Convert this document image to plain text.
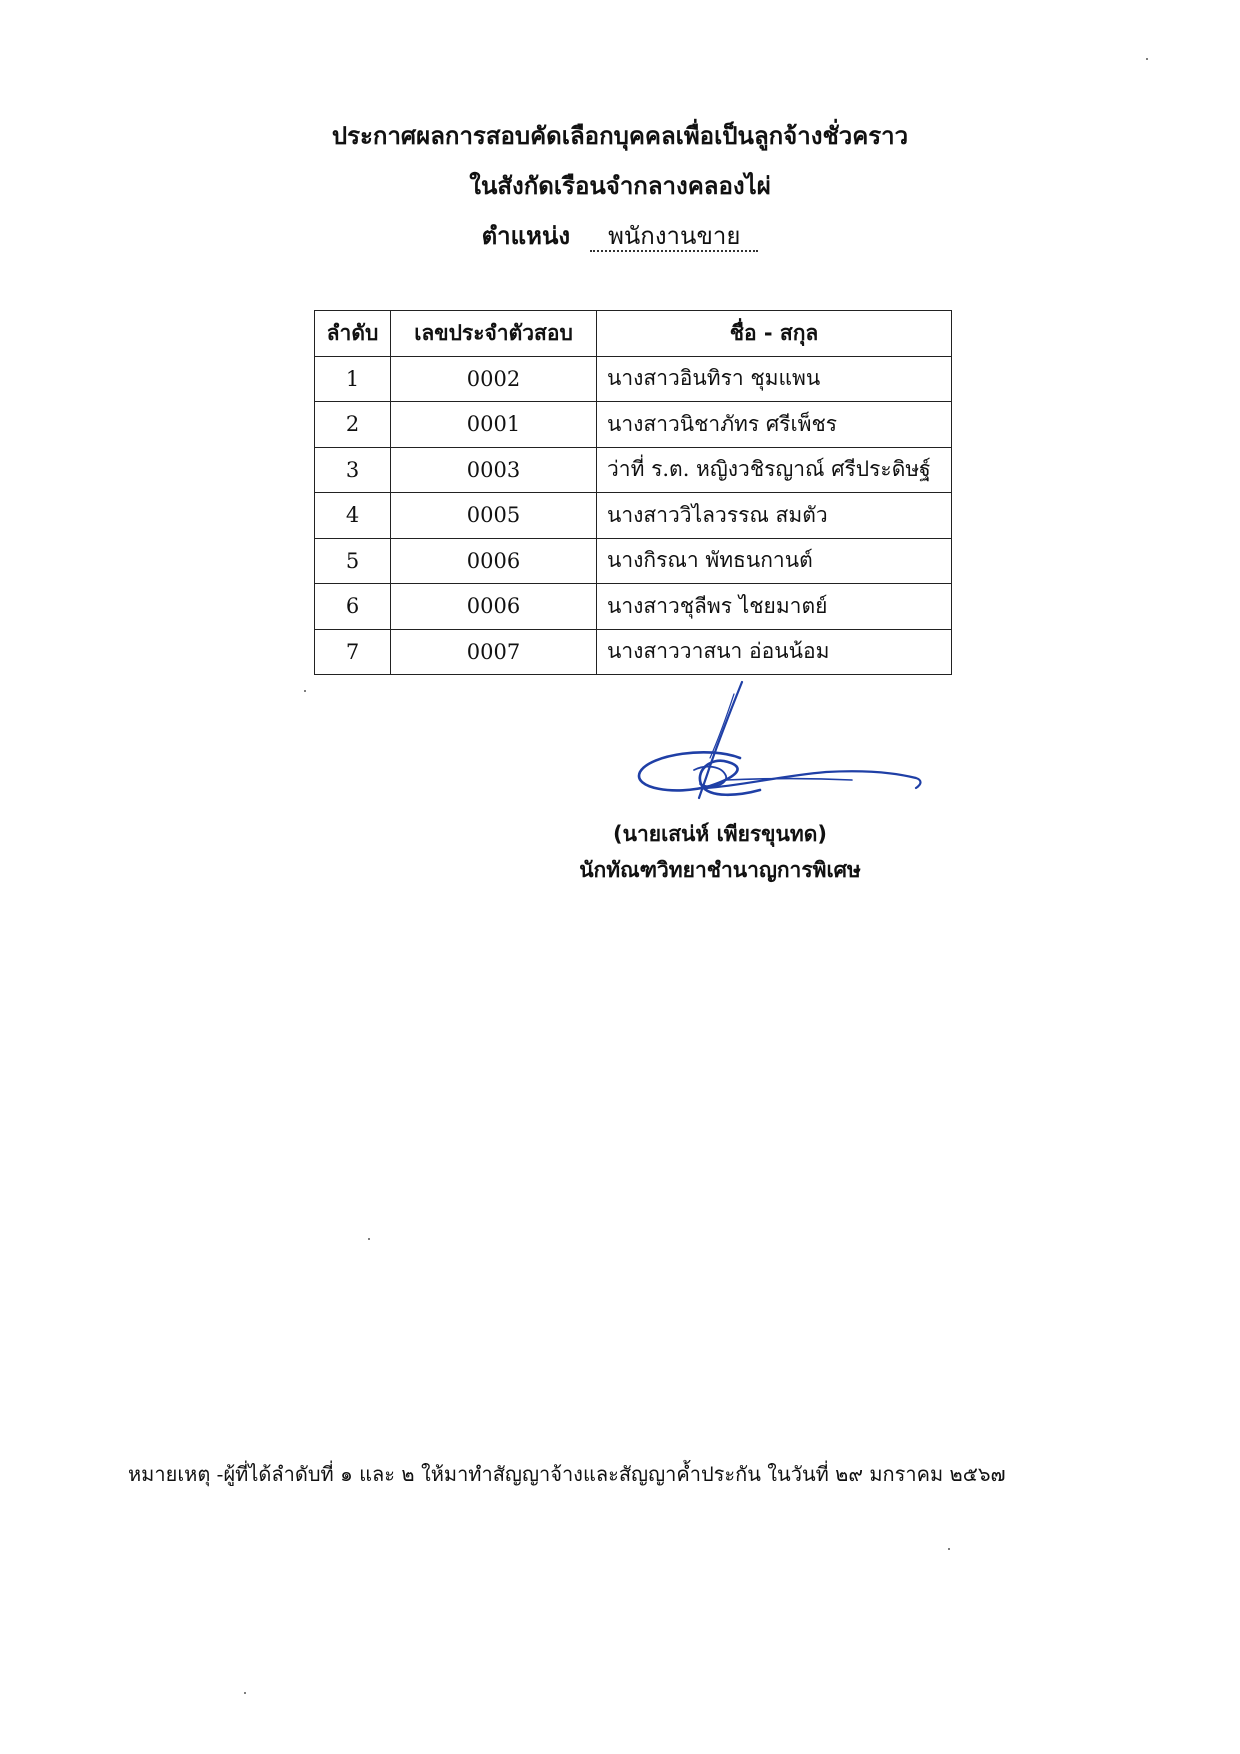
ประกาศผลการสอบคัดเลือกบุคคลเพื่อเป็นลูกจ้างชั่วคราว
ในสังกัดเรือนจำกลางคลองไผ่
ตำแหน่ง พนักงานขาย
ลำดับ	เลขประจำตัวสอบ	ชื่อ - สกุล
1	0002	นางสาวอินทิรา ชุมแพน
2	0001	นางสาวนิชาภัทร ศรีเพ็ชร
3	0003	ว่าที่ ร.ต. หญิงวชิรญาณ์ ศรีประดิษฐ์
4	0005	นางสาววิไลวรรณ สมตัว
5	0006	นางกิรณา พัทธนกานต์
6	0006	นางสาวชุลีพร ไชยมาตย์
7	0007	นางสาววาสนา อ่อนน้อม
(นายเสน่ห์ เพียรขุนทด)
นักทัณฑวิทยาชำนาญการพิเศษ
หมายเหตุ -ผู้ที่ได้ลำดับที่ ๑ และ ๒ ให้มาทำสัญญาจ้างและสัญญาค้ำประกัน ในวันที่ ๒๙ มกราคม ๒๕๖๗
